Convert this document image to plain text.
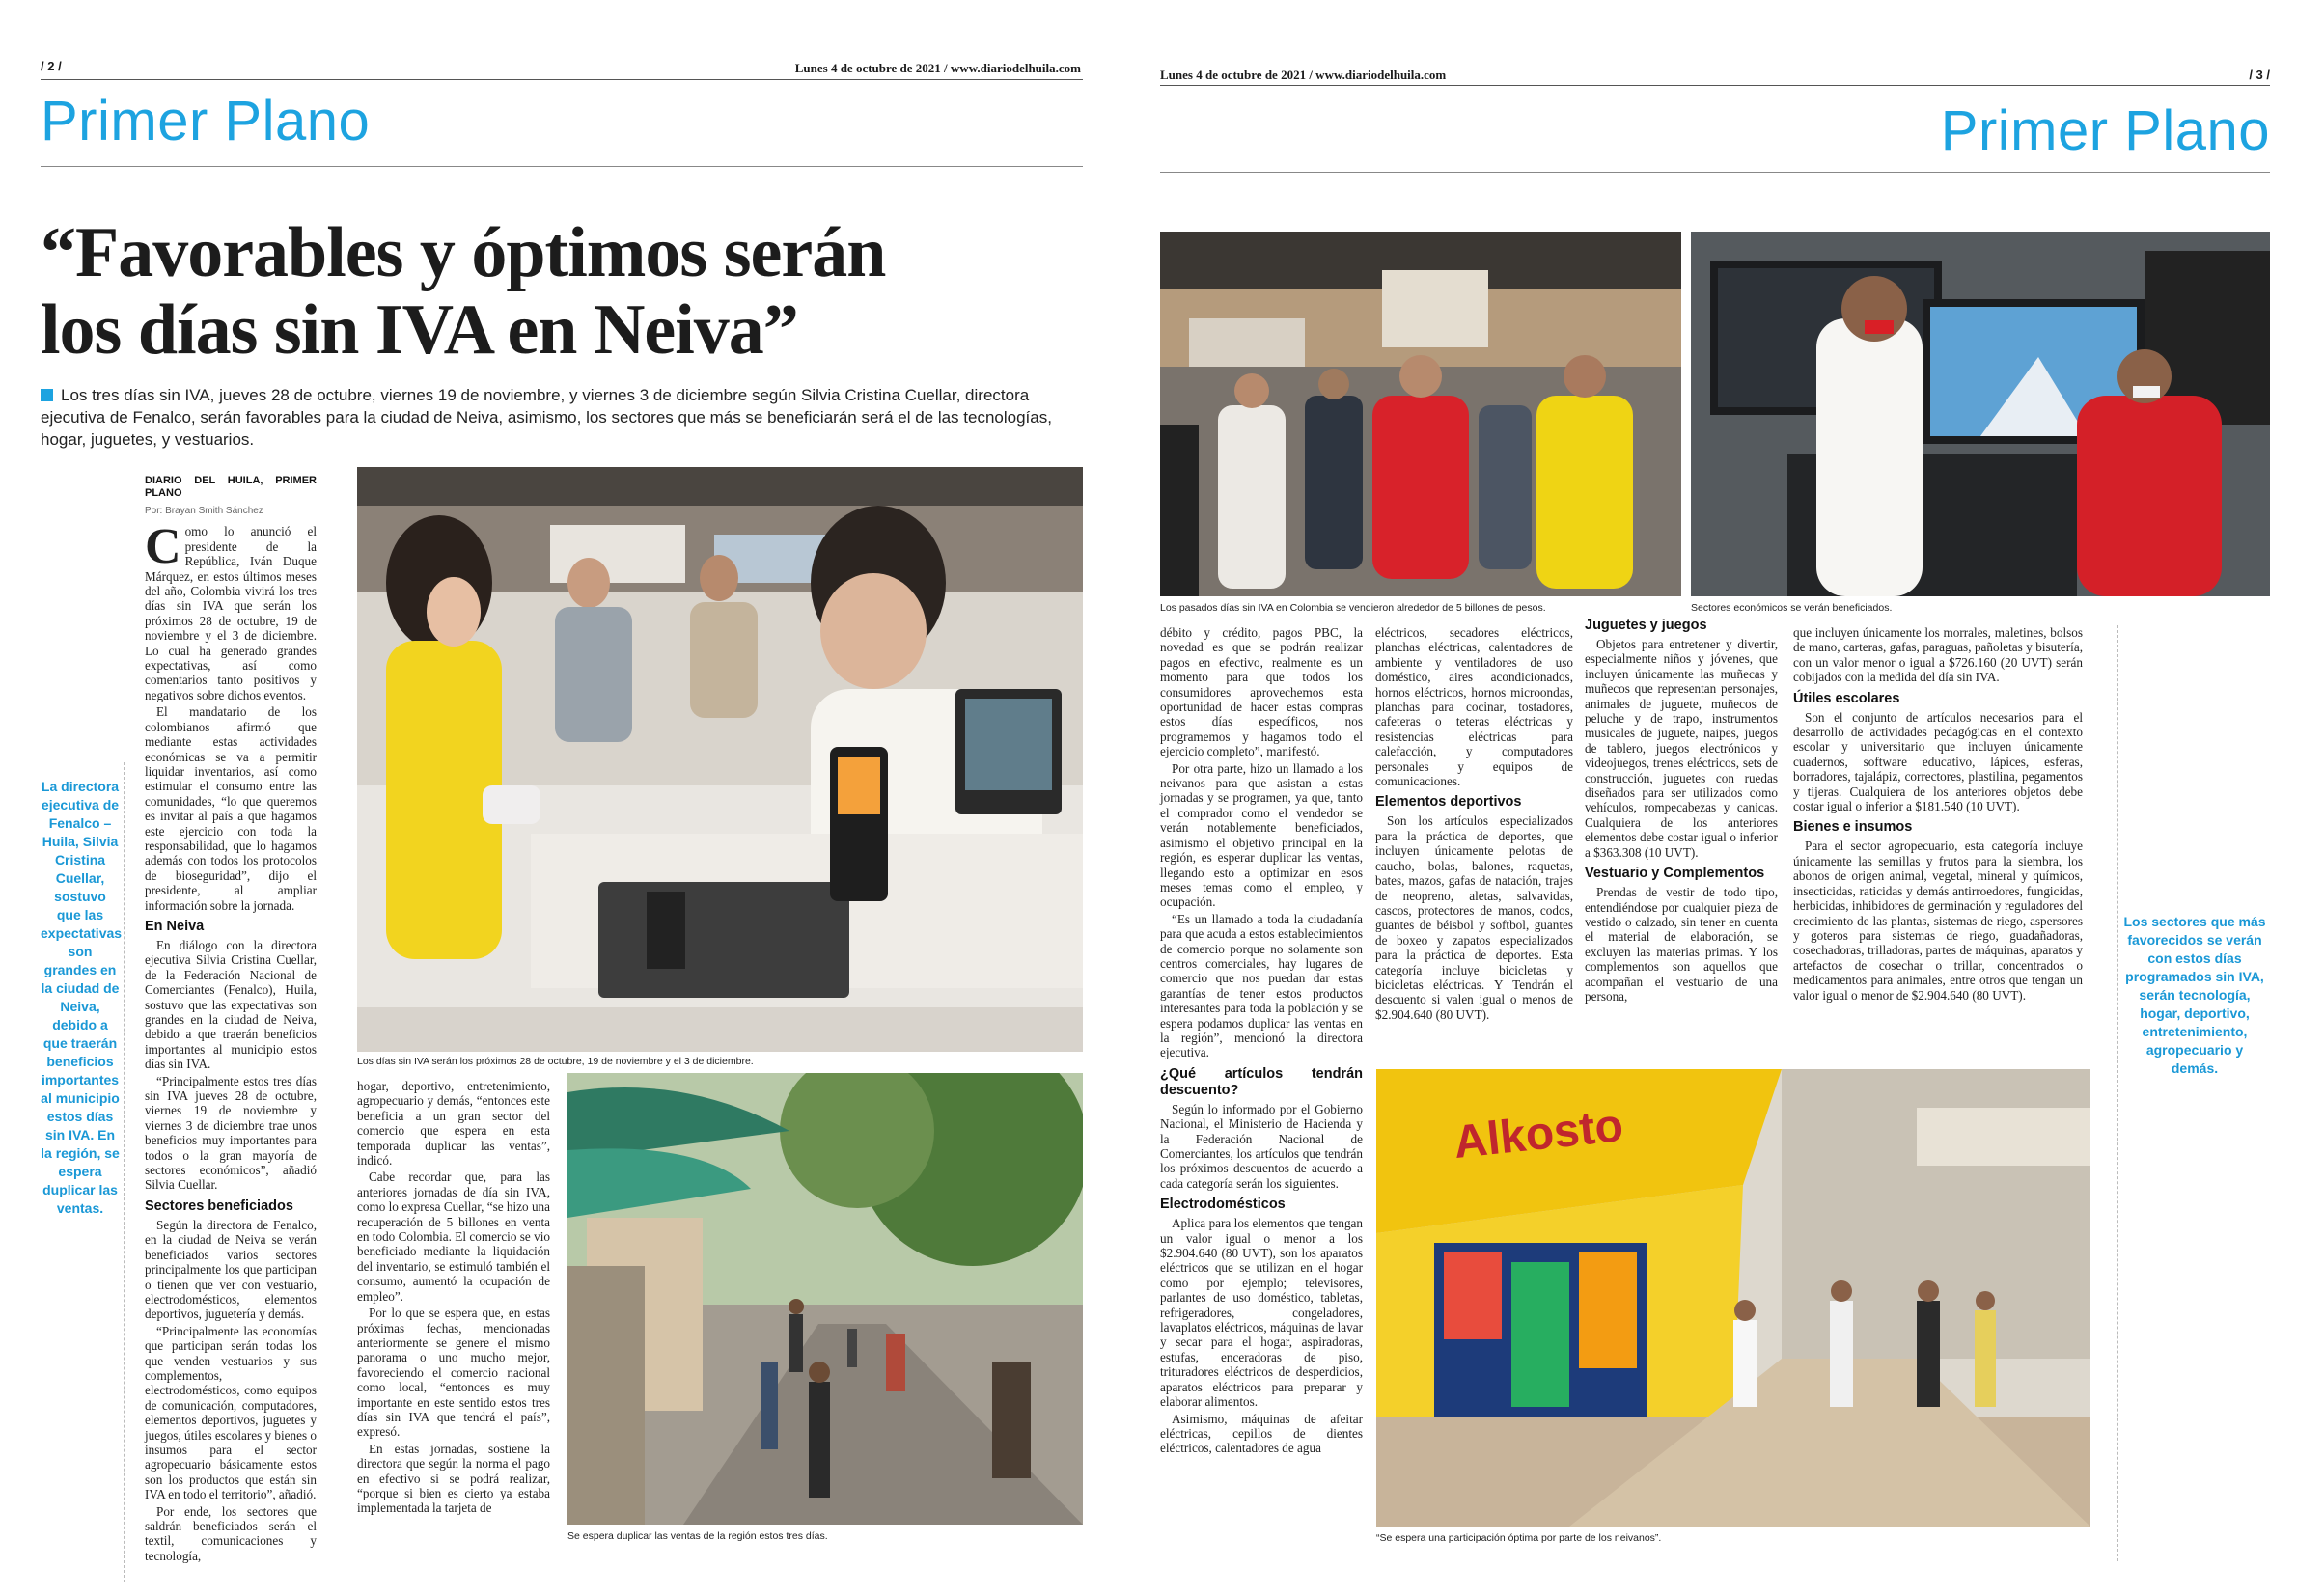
/ 2 /	Lunes 4 de octubre de 2021 / www.diariodelhuila.com
Primer Plano
“Favorables y óptimos serán
los días sin IVA en Neiva”
Los tres días sin IVA, jueves 28 de octubre, viernes 19 de noviembre, y viernes 3 de diciembre según Silvia Cristina Cuellar, directora ejecutiva de Fenalco, serán favorables para la ciudad de Neiva, asimismo, los sectores que más se beneficiarán será el de las tecnologías, hogar, juguetes, y vestuarios.
La directora ejecutiva de Fenalco – Huila, Silvia Cristina Cuellar, sostuvo que las expectativas son grandes en la ciudad de Neiva, debido a que traerán beneficios importantes al municipio estos días sin IVA. En la región, se espera duplicar las ventas.
DIARIO DEL HUILA, PRIMER PLANO
Por: Brayan Smith Sánchez

Como lo anunció el presidente de la República, Iván Duque Márquez, en estos últimos meses del año, Colombia vivirá los tres días sin IVA que serán los próximos 28 de octubre, 19 de noviembre y el 3 de diciembre. Lo cual ha generado grandes expectativas, así como comentarios tanto positivos y negativos sobre dichos eventos.

El mandatario de los colombianos afirmó que mediante estas actividades económicas se va a permitir liquidar inventarios, así como estimular el consumo entre las comunidades, “lo que queremos es invitar al país a que hagamos este ejercicio con toda la responsabilidad, que lo hagamos además con todos los protocolos de bioseguridad”, dijo el presidente, al ampliar información sobre la jornada.

En Neiva

En diálogo con la directora ejecutiva Silvia Cristina Cuellar, de la Federación Nacional de Comerciantes (Fenalco), Huila, sostuvo que las expectativas son grandes en la ciudad de Neiva, debido a que traerán beneficios importantes al municipio estos días sin IVA.

“Principalmente estos tres días sin IVA jueves 28 de octubre, viernes 19 de noviembre y viernes 3 de diciembre trae unos beneficios muy importantes para todos o la gran mayoría de sectores económicos”, añadió Silvia Cuellar.

Sectores beneficiados

Según la directora de Fenalco, en la ciudad de Neiva se verán beneficiados varios sectores principalmente los que participan o tienen que ver con vestuario, electrodomésticos, elementos deportivos, juguetería y demás.

“Principalmente las economías que participan serán todas los que venden vestuarios y sus complementos, electrodomésticos, como equipos de comunicación, computadores, elementos deportivos, juguetes y juegos, útiles escolares y bienes o insumos para el sector agropecuario básicamente estos son los productos que están sin IVA en todo el territorio”, añadió.

Por ende, los sectores que saldrán beneficiados serán el textil, comunicaciones y tecnología,

Los días sin IVA serán los próximos 28 de octubre, 19 de noviembre y el 3 de diciembre.

hogar, deportivo, entretenimiento, agropecuario y demás, “entonces este beneficia a un gran sector del comercio que espera en esta temporada duplicar las ventas”, indicó.

Cabe recordar que, para las anteriores jornadas de día sin IVA, como lo expresa Cuellar, “se hizo una recuperación de 5 billones en venta en todo Colombia. El comercio se vio beneficiado mediante la liquidación del inventario, se estimuló también el consumo, aumentó la ocupación de empleo”.

Por lo que se espera que, en estas próximas fechas, mencionadas anteriormente se genere el mismo panorama o uno mucho mejor, favoreciendo el comercio nacional como local, “entonces es muy importante en este sentido estos tres días sin IVA que tendrá el país”, expresó.

En estas jornadas, sostiene la directora que según la norma el pago en efectivo si se podrá realizar, “porque si bien es cierto ya estaba implementada la tarjeta de

Se espera duplicar las ventas de la región estos tres días.
Lunes 4 de octubre de 2021 / www.diariodelhuila.com	/ 3 /
Primer Plano
Los pasados días sin IVA en Colombia se vendieron alrededor de 5 billones de pesos.	Sectores económicos se verán beneficiados.

débito y crédito, pagos PBC, la novedad es que se podrán realizar pagos en efectivo, realmente es un momento para que todos los consumidores aprovechemos esta oportunidad de hacer estas compras estos días específicos, nos programemos y hagamos todo el ejercicio completo”, manifestó.

Por otra parte, hizo un llamado a los neivanos para que asistan a estas jornadas y se programen, ya que, tanto el comprador como el vendedor se verán notablemente beneficiados, asimismo el objetivo principal en la región, es esperar duplicar las ventas, llegando esto a optimizar en esos meses temas como el empleo, y ocupación.

“Es un llamado a toda la ciudadanía para que acuda a estos establecimientos de comercio porque no solamente son centros comerciales, hay lugares de comercio que nos puedan dar estas garantías de tener estos productos interesantes para toda la población y se espera podamos duplicar las ventas en la región”, mencionó la directora ejecutiva.

¿Qué artículos tendrán descuento?

Según lo informado por el Gobierno Nacional, el Ministerio de Hacienda y la Federación Nacional de Comerciantes, los artículos que tendrán los próximos descuentos de acuerdo a cada categoría serán los siguientes.

Electrodomésticos

Aplica para los elementos que tengan un valor igual o menor a los $2.904.640 (80 UVT), son los aparatos eléctricos que se utilizan en el hogar como por ejemplo; televisores, parlantes de uso doméstico, tabletas, refrigeradores, congeladores, lavaplatos eléctricos, máquinas de lavar y secar para el hogar, aspiradoras, estufas, enceradoras de piso, trituradores eléctricos de desperdicios, aparatos eléctricos para preparar y elaborar alimentos.

Asimismo, máquinas de afeitar eléctricas, cepillos de dientes eléctricos, calentadores de agua

eléctricos, secadores eléctricos, planchas eléctricas, calentadores de ambiente y ventiladores de uso doméstico, aires acondicionados, hornos eléctricos, hornos microondas, planchas para cocinar, tostadores, cafeteras o teteras eléctricas y resistencias eléctricas para calefacción, y computadores personales y equipos de comunicaciones.

Elementos deportivos

Son los artículos especializados para la práctica de deportes, que incluyen únicamente pelotas de caucho, bolas, balones, raquetas, bates, mazos, gafas de natación, trajes de neopreno, aletas, salvavidas, cascos, protectores de manos, codos, guantes de béisbol y softbol, guantes de boxeo y zapatos especializados para la práctica de deportes. Esta categoría incluye bicicletas y bicicletas eléctricas. Y Tendrán el descuento si valen igual o menos de $2.904.640 (80 UVT).

Juguetes y juegos

Objetos para entretener y divertir, especialmente niños y jóvenes, que incluyen únicamente las muñecas y muñecos que representan personajes, animales de juguete, muñecos de peluche y de trapo, instrumentos musicales de juguete, naipes, juegos de tablero, juegos electrónicos y videojuegos, trenes eléctricos, sets de construcción, juguetes con ruedas diseñados para ser utilizados como vehículos, rompecabezas y canicas. Cualquiera de los anteriores elementos debe costar igual o inferior a $363.308 (10 UVT).

Vestuario y Complementos

Prendas de vestir de todo tipo, entendiéndose por cualquier pieza de vestido o calzado, sin tener en cuenta el material de elaboración, se excluyen las materias primas. Y los complementos son aquellos que acompañan el vestuario de una persona,

que incluyen únicamente los morrales, maletines, bolsos de mano, carteras, gafas, paraguas, pañoletas y bisutería, con un valor menor o igual a $726.160 (20 UVT) serán cobijados con la medida del día sin IVA.

Útiles escolares

Son el conjunto de artículos necesarios para el desarrollo de actividades pedagógicas en el contexto escolar y universitario que incluyen únicamente cuadernos, software educativo, lápices, esferas, borradores, tajalápiz, correctores, plastilina, pegamentos y tijeras. Cualquiera de los anteriores objetos debe costar igual o inferior a $181.540 (10 UVT).

Bienes e insumos

Para el sector agropecuario, esta categoría incluye únicamente las semillas y frutos para la siembra, los abonos de origen animal, vegetal, mineral y químicos, insecticidas, raticidas y demás antirroedores, fungicidas, herbicidas, inhibidores de germinación y reguladores del crecimiento de las plantas, sistemas de riego, aspersores y goteros para sistemas de riego, guadañadoras, cosechadoras, trilladoras, partes de máquinas, aparatos y artefactos de cosechar o trillar, concentrados o medicamentos para animales, entre otros que tengan un valor igual o menor de $2.904.640 (80 UVT).

Los sectores que más favorecidos se verán con estos días programados sin IVA, serán tecnología, hogar, deportivo, entretenimiento, agropecuario y demás.
Alkosto
“Se espera una participación óptima por parte de los neivanos”.
